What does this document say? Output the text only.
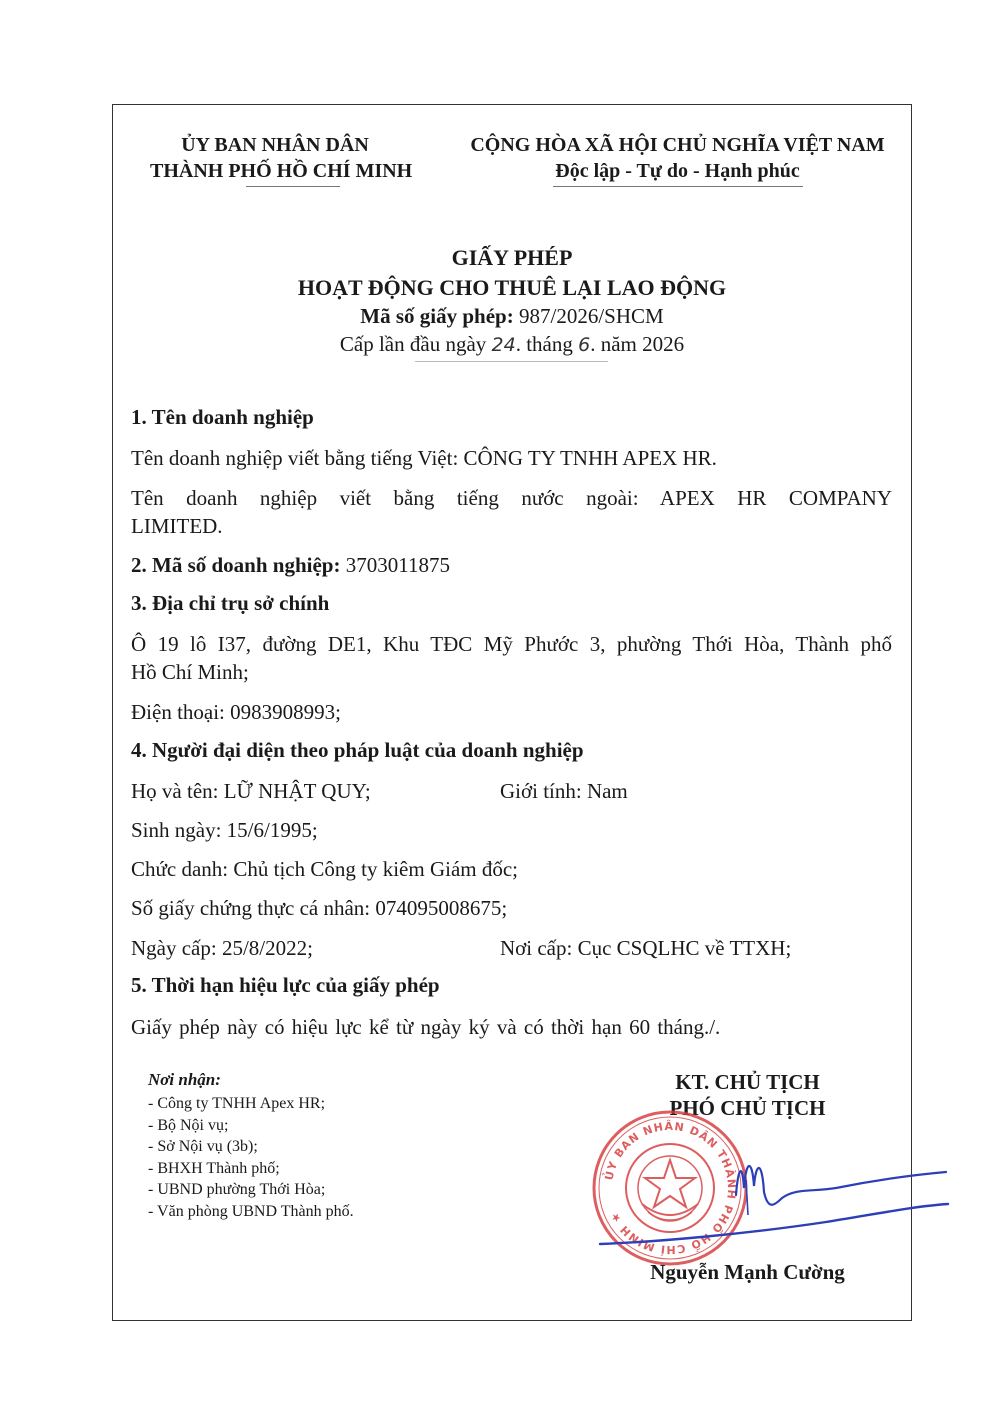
ỦY BAN NHÂN DÂN
THÀNH PHỐ HỒ CHÍ MINH
CỘNG HÒA XÃ HỘI CHỦ NGHĨA VIỆT NAM
Độc lập - Tự do - Hạnh phúc
GIẤY PHÉP
HOẠT ĐỘNG CHO THUÊ LẠI LAO ĐỘNG
Mã số giấy phép: 987/2026/SHCM
Cấp lần đầu ngày 24. tháng 6. năm 2026
1. Tên doanh nghiệp
Tên doanh nghiệp viết bằng tiếng Việt: CÔNG TY TNHH APEX HR.
Tên doanh nghiệp viết bằng tiếng nước ngoài: APEX HR COMPANY
LIMITED.
2. Mã số doanh nghiệp: 3703011875
3. Địa chỉ trụ sở chính
Ô 19 lô I37, đường DE1, Khu TĐC Mỹ Phước 3, phường Thới Hòa, Thành phố
Hồ Chí Minh;
Điện thoại: 0983908993;
4. Người đại diện theo pháp luật của doanh nghiệp
Họ và tên: LỮ NHẬT QUY;	Giới tính: Nam
Sinh ngày: 15/6/1995;
Chức danh: Chủ tịch Công ty kiêm Giám đốc;
Số giấy chứng thực cá nhân: 074095008675;
Ngày cấp: 25/8/2022;	Nơi cấp: Cục CSQLHC về TTXH;
5. Thời hạn hiệu lực của giấy phép
Giấy phép này có hiệu lực kể từ ngày ký và có thời hạn 60 tháng./.
Nơi nhận:
- Công ty TNHH Apex HR;
- Bộ Nội vụ;
- Sở Nội vụ (3b);
- BHXH Thành phố;
- UBND phường Thới Hòa;
- Văn phòng UBND Thành phố.
KT. CHỦ TỊCH
PHÓ CHỦ TỊCH
ỦY BAN NHÂN DÂN THÀNH PHỐ HỒ CHÍ MINH ★
Nguyễn Mạnh Cường
